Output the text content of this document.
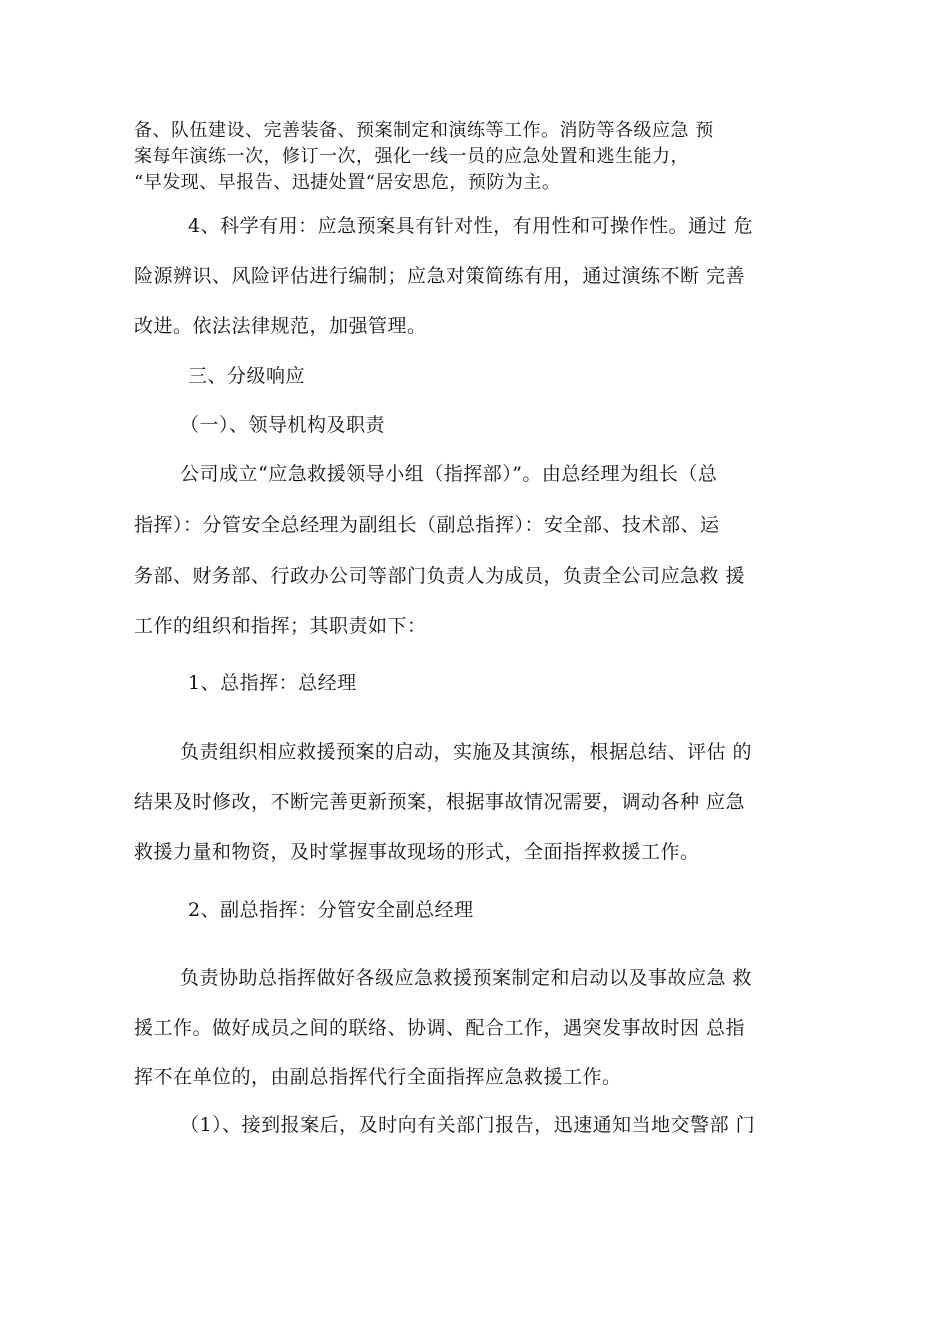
备、队伍建设、完善装备、预案制定和演练等工作。消防等各级应急 预
案每年演练一次，修订一次，强化一线一员的应急处置和逃生能力，
“早发现、早报告、迅捷处置“居安思危，预防为主。
4、科学有用：应急预案具有针对性，有用性和可操作性。通过 危
险源辨识、风险评估进行编制；应急对策简练有用，通过演练不断 完善
改进。依法法律规范，加强管理。
三、分级响应
（一）、领导机构及职责
公司成立“应急救援领导小组（指挥部）”。由总经理为组长（总
指挥）：分管安全总经理为副组长（副总指挥）：安全部、技术部、运
务部、财务部、行政办公司等部门负责人为成员，负责全公司应急救 援
工作的组织和指挥；其职责如下：
1、总指挥：总经理
负责组织相应救援预案的启动，实施及其演练，根据总结、评估 的
结果及时修改，不断完善更新预案，根据事故情况需要，调动各种 应急
救援力量和物资，及时掌握事故现场的形式，全面指挥救援工作。
2、副总指挥：分管安全副总经理
负责协助总指挥做好各级应急救援预案制定和启动以及事故应急 救
援工作。做好成员之间的联络、协调、配合工作，遇突发事故时因 总指
挥不在单位的，由副总指挥代行全面指挥应急救援工作。
（1）、接到报案后，及时向有关部门报告，迅速通知当地交警部 门
